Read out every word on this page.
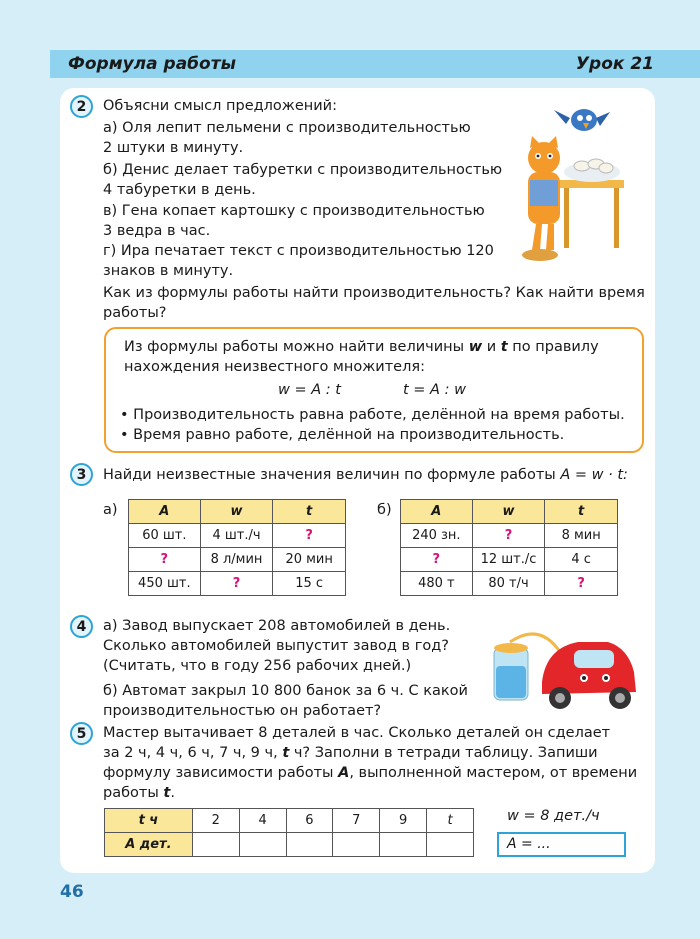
Формула работы	Урок 21
2 Объясни смысл предложений:
а) Оля лепит пельмени с производительностью
2 штуки в минуту.
б) Денис делает табуретки с производительностью
4 табуретки в день.
в) Гена копает картошку с производительностью
3 ведра в час.
г) Ира печатает текст с производительностью 120
знаков в минуту.
Как из формулы работы найти производительность? Как найти время
работы?
Из формулы работы можно найти величины w и t по правилу
нахождения неизвестного множителя:
w = A : t	t = A : w
• Производительность равна работе, делённой на время работы.
• Время равно работе, делённой на производительность.
3 Найди неизвестные значения величин по формуле работы A = w · t:
а)	A	w	t
60 шт.	4 шт./ч	?
?	8 л/мин	20 мин
450 шт.	?	15 с
б)	A	w	t
240 зн.	?	8 мин
?	12 шт./с	4 с
480 т	80 т/ч	?
4 а) Завод выпускает 208 автомобилей в день.
Сколько автомобилей выпустит завод в год?
(Считать, что в году 256 рабочих дней.)
б) Автомат закрыл 10 800 банок за 6 ч. С какой
производительностью он работает?
5 Мастер вытачивает 8 деталей в час. Сколько деталей он сделает
за 2 ч, 4 ч, 6 ч, 7 ч, 9 ч, t ч? Заполни в тетради таблицу. Запиши
формулу зависимости работы A, выполненной мастером, от времени
работы t.
t ч	2	4	6	7	9	t
A дет.						
w = 8 дет./ч
A = ...
46
